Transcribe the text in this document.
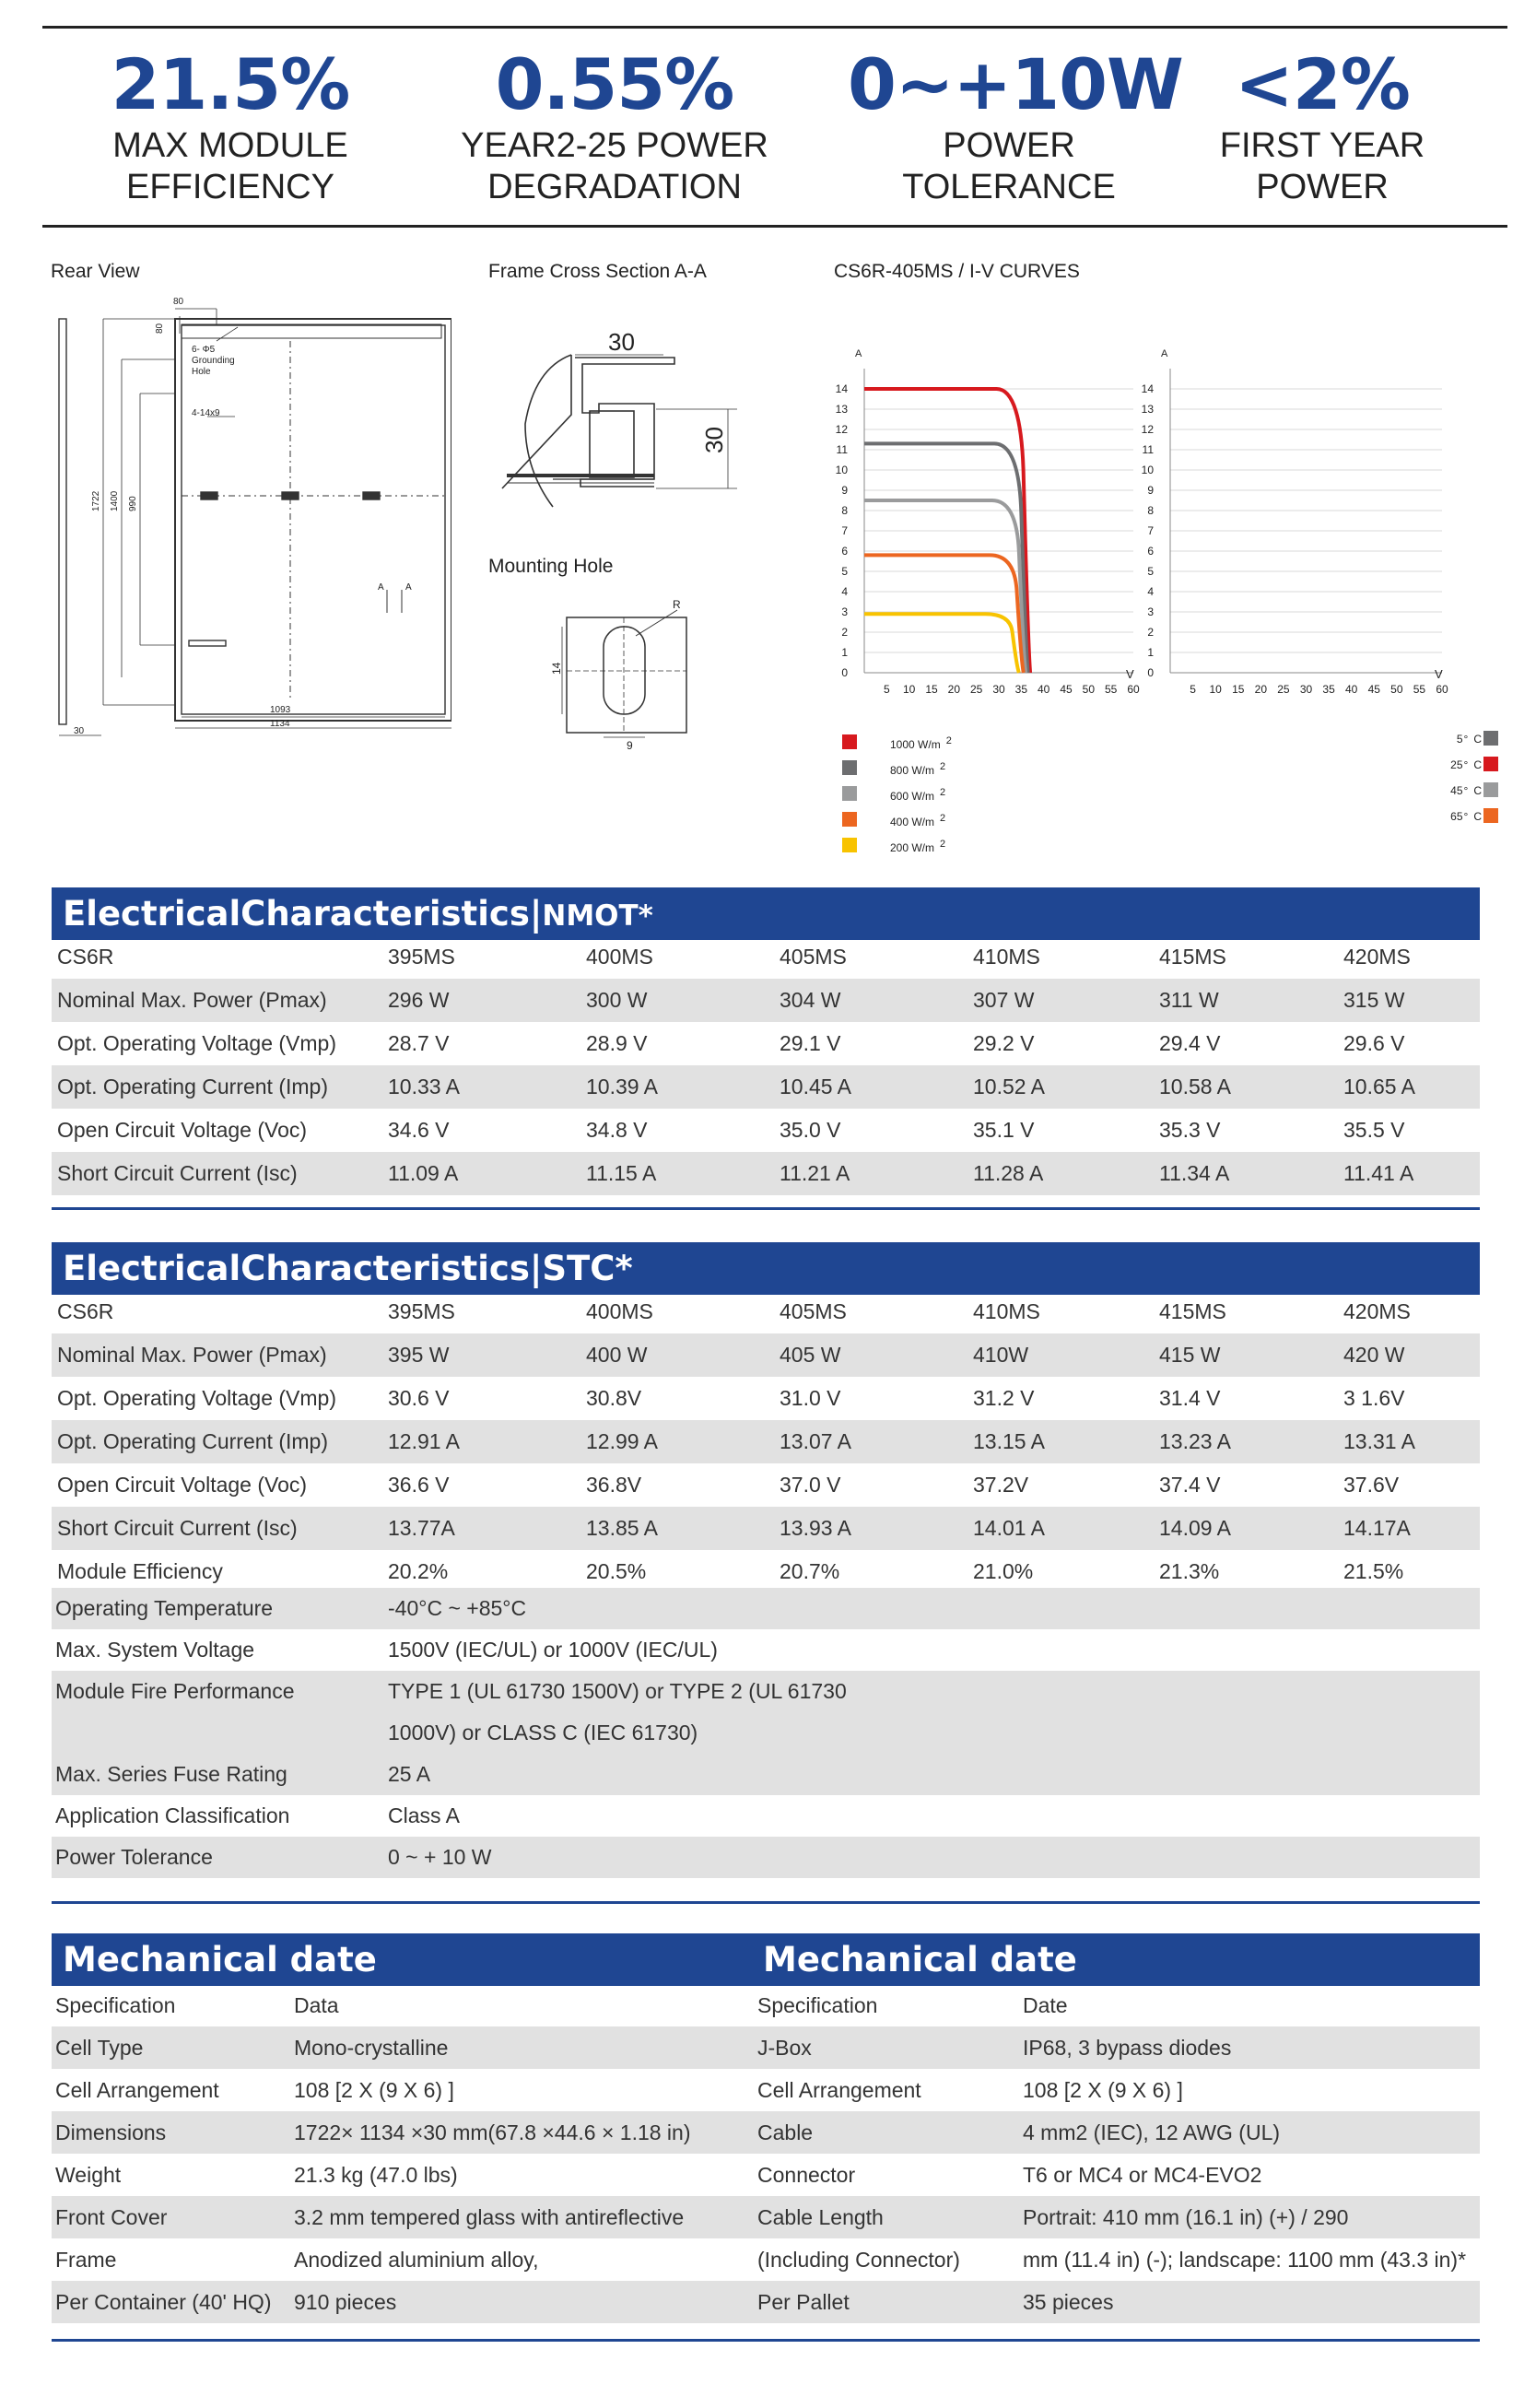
21.5%
MAX MODULE
EFFICIENCY
0.55%
YEAR2-25 POWER
DEGRADATION
0~+10W
POWER
TOLERANCE
<2%
FIRST YEAR
POWER
Rear View	Frame Cross Section A-A
Mounting Hole
CS6R-405MS / I-V CURVES
80
80
6- Φ5
Grounding
Hole
4-14x9
1722 1400 990
1093
1134
30
A A
30
30
14
9
R
0
1
2
3
4
5
6
7
8
9
10
11
12
13
14
5 10 15 20 25 30 35 40 45 50 55 60
A
V 0
1
2
3
4
5
6
7
8
9
10
11
12
13
14
5 10 15 20 25 30 35 40 45 50 55 60
A
V
1000 W/m $^2$
800 W/m $^2$
600 W/m $^2$
400 W/m $^2$
200 W/m $^2$
5° C
25° C
45° C
65° C
ElectricalCharacteristics|NMOT*
CS6R	395MS	400MS	405MS	410MS	415MS	420MS
Nominal Max. Power (Pmax)	296 W	300 W	304 W	307 W	311 W	315 W
Opt. Operating Voltage (Vmp) 28.7 V	28.9 V	29.1 V	29.2 V	29.4 V	29.6 V
Opt. Operating Current (Imp)	10.33 A	10.39 A	10.45 A	10.52 A	10.58 A	10.65 A
Open Circuit Voltage (Voc)	34.6 V	34.8 V	35.0 V	35.1 V	35.3 V	35.5 V
Short Circuit Current (Isc)	11.09 A	11.15 A	11.21 A	11.28 A	11.34 A	11.41 A
ElectricalCharacteristics|STC*
CS6R	395MS	400MS	405MS	410MS	415MS	420MS
Nominal Max. Power (Pmax)	395 W	400 W	405 W	410W	415 W	420 W
Opt. Operating Voltage (Vmp) 30.6 V	30.8V	31.0 V	31.2 V	31.4 V	3 1.6V
Opt. Operating Current (Imp)	12.91 A	12.99 A	13.07 A	13.15 A	13.23 A	13.31 A
Open Circuit Voltage (Voc)	36.6 V	36.8V	37.0 V	37.2V	37.4 V	37.6V
Short Circuit Current (Isc)	13.77A	13.85 A	13.93 A	14.01 A	14.09 A	14.17A
Module Efficiency	20.2%	20.5%	20.7%	21.0%	21.3%	21.5%
Operating Temperature	-40°C ~ +85°C
Max. System Voltage	1500V (IEC/UL) or 1000V (IEC/UL)
Module Fire Performance	TYPE 1 (UL 61730 1500V) or TYPE 2 (UL 61730
1000V) or CLASS C (IEC 61730)
Max. Series Fuse Rating	25 A
Application Classification	Class A
Power Tolerance	0 ~ + 10 W
Mechanical date	Mechanical date
Specification	Data
Cell Type	Mono-crystalline
Cell Arrangement	108 [2 X (9 X 6) ]
Dimensions	1722× 1134 ×30 mm(67.8 ×44.6 × 1.18 in)
Weight	21.3 kg (47.0 lbs)
Front Cover	3.2 mm tempered glass with antireflective
Frame	Anodized aluminium alloy,
Per Container (40' HQ) 910 pieces
Specification	Date
J-Box	IP68, 3 bypass diodes
Cell Arrangement	108 [2 X (9 X 6) ]
Cable	4 mm2 (IEC), 12 AWG (UL)
Connector	T6 or MC4 or MC4-EVO2
Cable Length	Portrait: 410 mm (16.1 in) (+) / 290
(Including Connector)	mm (11.4 in) (-); landscape: 1100 mm (43.3 in)*
Per Pallet	35 pieces
